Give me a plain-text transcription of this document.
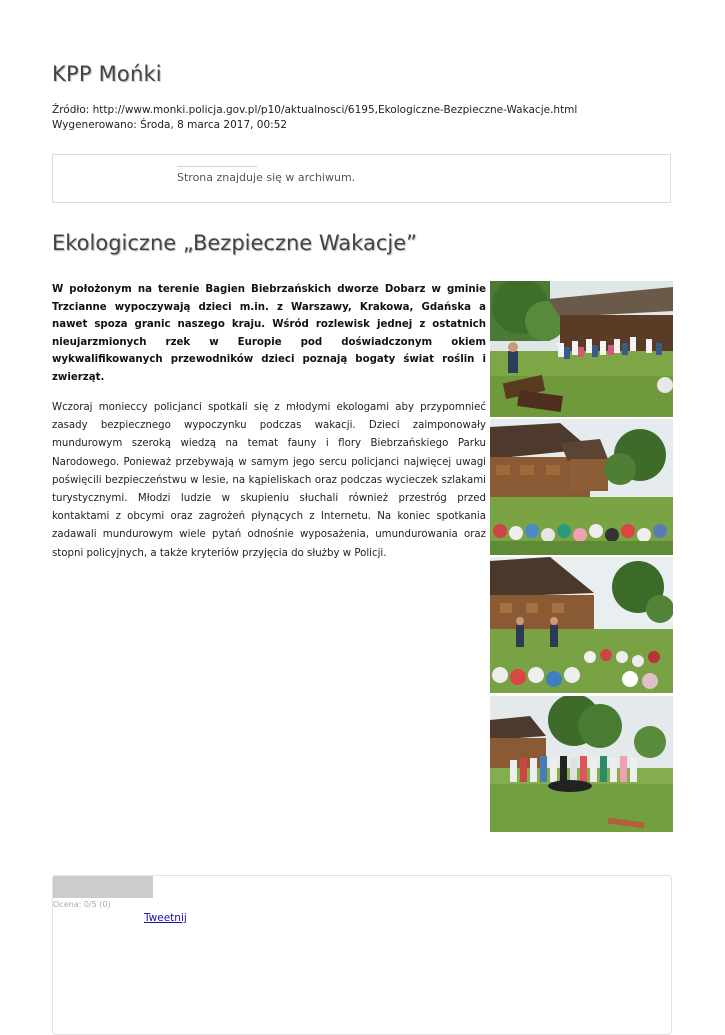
KPP Mońki
Źródło: http://www.monki.policja.gov.pl/p10/aktualnosci/6195,Ekologiczne-Bezpieczne-Wakacje.html
Wygenerowano: Środa, 8 marca 2017, 00:52
Strona znajduje się w archiwum.
Ekologiczne „Bezpieczne Wakacje”

W położonym na terenie Bagien Biebrzańskich dworze Dobarz w gminie Trzcianne wypoczywają dzieci m.in. z Warszawy, Krakowa, Gdańska a nawet spoza granic naszego kraju. Wśród rozlewisk jednej z ostatnich nieujarzmionych rzek w Europie pod doświadczonym okiem wykwalifikowanych przewodników dzieci poznają bogaty świat roślin i zwierząt.

Wczoraj monieccy policjanci spotkali się z młodymi ekologami aby przypomnieć zasady bezpiecznego wypoczynku podczas wakacji. Dzieci zaimponowały mundurowym szeroką wiedzą na temat fauny i flory Biebrzańskiego Parku Narodowego. Ponieważ przebywają w samym jego sercu policjanci najwięcej uwagi poświęcili bezpieczeństwu w lesie, na kąpieliskach oraz podczas wycieczek szlakami turystycznymi. Młodzi ludzie w skupieniu słuchali również przestróg przed kontaktami z obcymi oraz zagrożeń płynących z Internetu. Na koniec spotkania zadawali mundurowym wiele pytań odnośnie wyposażenia, umundurowania oraz stopni policyjnych, a także kryteriów przyjęcia do służby w Policji.

Ocena: 0/5 (0)
Tweetnij
